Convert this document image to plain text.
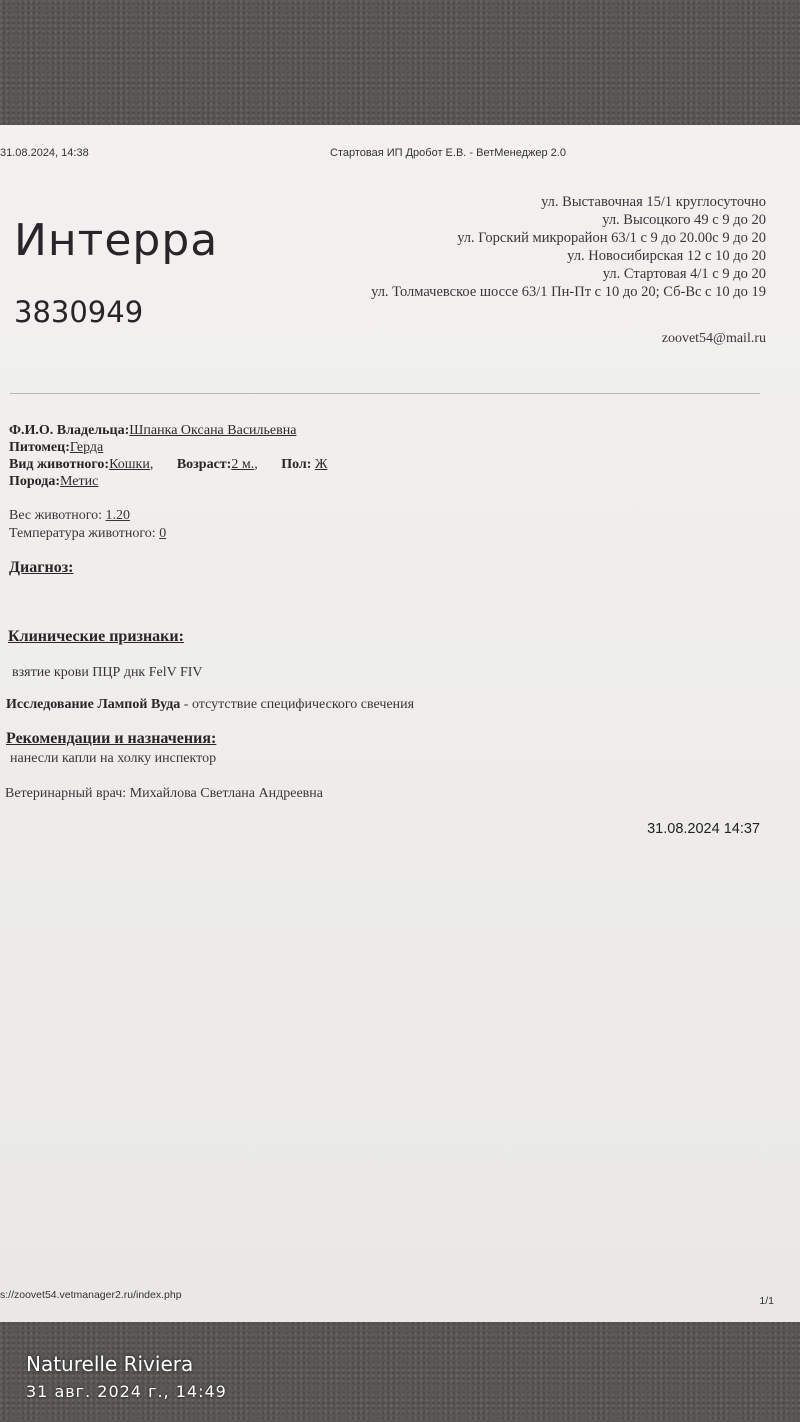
31.08.2024, 14:38	Стартовая ИП Дробот Е.В. - ВетМенеджер 2.0
Интерра
3830949
ул. Выставочная 15/1 круглосуточно
ул. Высоцкого 49 с 9 до 20
ул. Горский микрорайон 63/1 с 9 до 20.00с 9 до 20
ул. Новосибирская 12 с 10 до 20
ул. Стартовая 4/1 с 9 до 20
ул. Толмачевское шоссе 63/1 Пн-Пт с 10 до 20; Сб-Вс с 10 до 19
zoovet54@mail.ru
Ф.И.О. Владельца:Шпанка Оксана Васильевна
Питомец:Герда
Вид животного:Кошки, Возраст:2 м., Пол: Ж
Порода:Метис
Вес животного: 1.20
Температура животного: 0
Диагноз:
Клинические признаки:
взятие крови ПЦР днк FelV FIV
Исследование Лампой Вуда - отсутствие специфического свечения
Рекомендации и назначения:
нанесли капли на холку инспектор
Ветеринарный врач: Михайлова Светлана Андреевна
31.08.2024 14:37
s://zoovet54.vetmanager2.ru/index.php	1/1
Naturelle Riviera
31 авг. 2024 г., 14:49
